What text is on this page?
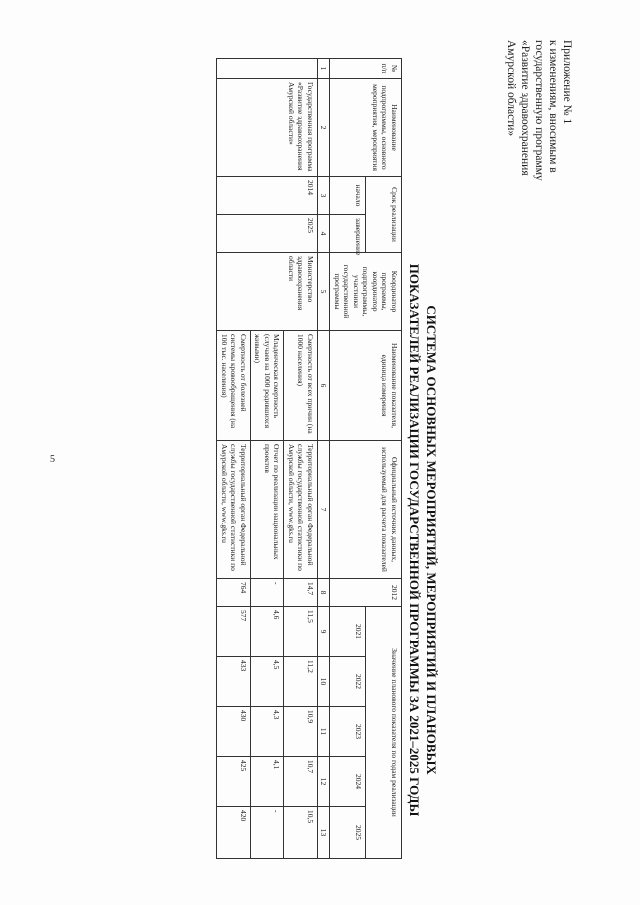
5
Приложение № 1
к изменениям, вносимым в
государственную программу
«Развитие здравоохранения
Амурской области»
СИСТЕМА ОСНОВНЫХ МЕРОПРИЯТИЙ, МЕРОПРИЯТИЙ И ПЛАНОВЫХ
ПОКАЗАТЕЛЕЙ РЕАЛИЗАЦИИ ГОСУДАРСТВЕННОЙ ПРОГРАММЫ ЗА 2021–2025 ГОДЫ
№ п/п	Наименование подпрограммы, основного мероприятия, мероприятия	Срок реализации		Координатор программы, координатор подпрограммы, участники государственной программы	Наименование показателя, единица измерения	Официальный источник данных, используемый для расчета показателей	2012	Значение планового показателя по годам реализации				
		начало	завершение					2021	2022	2023	2024	2025
1	2	3	4	5	6	7	8	9	10	11	12	13
	Государственная программа «Развитие здравоохранения Амурской области»	2014	2025	Министерство здравоохранения области	Смертность от всех причин (на 1000 населения)	Территориальный орган Федеральной службы государственной статистики по Амурской области, www.gks.ru	14,7	11,5	11,2	10,9	10,7	10,5
					Младенческая смертность (случаев на 1000 родившихся живыми)	Отчет по реализации национальных проектов	-	4,6	4,5	4,3	4,1	-
					Смертность от болезней системы кровообращения (на 100 тыс. населения)	Территориальный орган Федеральной службы государственной статистики по Амурской области, www.gks.ru	764	577	433	430	425	420
